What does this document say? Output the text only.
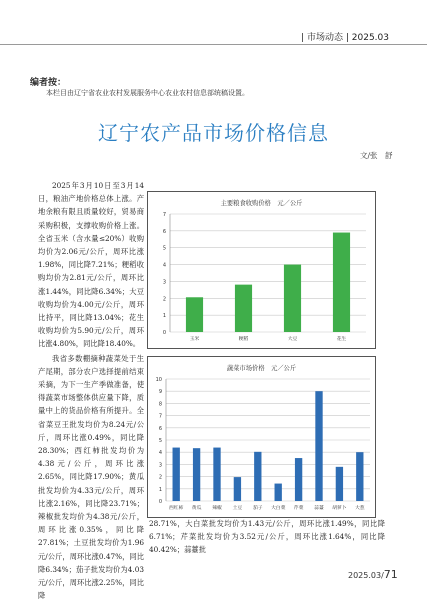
| 市场动态 | 2025.03
编者按：
本栏目由辽宁省农业农村发展服务中心农业农村信息部统稿设置。
辽宁农产品市场价格信息
文/张　舒

2025年3月10日至3月14日，粮油产地价格总体上涨。产地余粮有限且质量较好，贸易商采购积极，支撑收购价格上涨。全省玉米（含水量≤20%）收购均价为2.06元/公斤，周环比涨1.98%，同比降7.21%；粳稻收购均价为2.81元/公斤，周环比涨1.44%，同比降6.34%；大豆收购均价为4.00元/公斤，周环比持平，同比降13.04%；花生收购均价为5.90元/公斤，周环比涨4.80%，同比降18.40%。

我省多数棚摘种蔬菜处于生产尾期，部分农户选择提前结束采摘，为下一生产季做准备，使得蔬菜市场整体供应量下降，质量中上的货品价格有所提升。全省菜豆王批发均价为8.24元/公斤，周环比涨0.49%，同比降28.30%；西红柿批发均价为4.38元/公斤，周环比涨2.65%，同比降17.90%；黄瓜批发均价为4.33元/公斤，周环比涨2.16%，同比降23.71%；辣椒批发均价为4.38元/公斤，周环比涨0.35%，同比降27.81%；土豆批发均价为1.96元/公斤，周环比涨0.47%，同比降6.34%；茄子批发均价为4.03元/公斤，周环比涨2.25%，同比降

主要粮食收购价格　元／公斤
0
1
2
3
4
5
6
7
玉米	粳稻	大豆	花生
蔬菜市场价格　元／公斤
0
1
2
3
4
5
6
7
8
9
10
西红柿 黄瓜 辣椒 土豆 茄子 大白菜 芹菜 蒜薹 胡萝卜 大葱

28.71%，大白菜批发均价为1.43元/公斤，周环比涨1.49%，同比降6.71%；芹菜批发均价为3.52元/公斤，周环比涨1.64%，同比降40.42%；蒜薹批

2025.03/71
